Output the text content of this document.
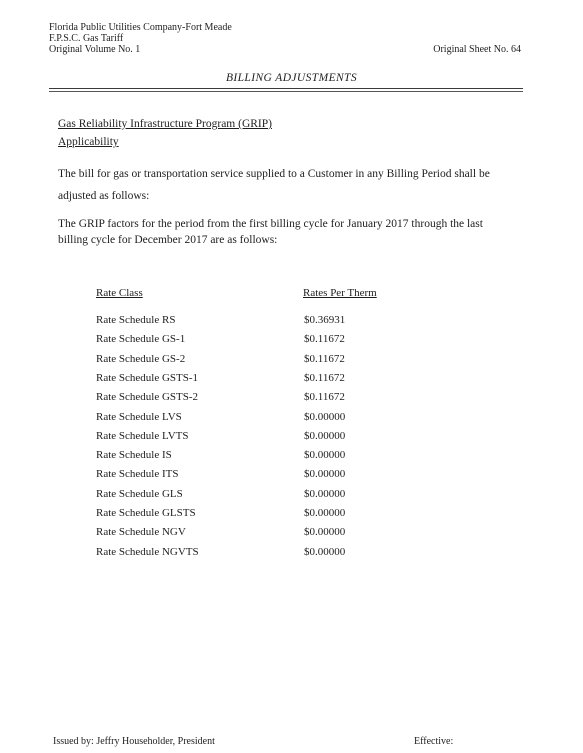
Florida Public Utilities Company-Fort Meade
F.P.S.C. Gas Tariff
Original Volume No. 1	Original Sheet No. 64
BILLING ADJUSTMENTS
Gas Reliability Infrastructure Program (GRIP)
Applicability
The bill for gas or transportation service supplied to a Customer in any Billing Period shall be
adjusted as follows:
The GRIP factors for the period from the first billing cycle for January 2017 through the last
billing cycle for December 2017 are as follows:
Rate Class	Rates Per Therm
Rate Schedule RS	$0.36931
Rate Schedule GS-1	$0.11672
Rate Schedule GS-2	$0.11672
Rate Schedule GSTS-1	$0.11672
Rate Schedule GSTS-2	$0.11672
Rate Schedule LVS	$0.00000
Rate Schedule LVTS	$0.00000
Rate Schedule IS	$0.00000
Rate Schedule ITS	$0.00000
Rate Schedule GLS	$0.00000
Rate Schedule GLSTS	$0.00000
Rate Schedule NGV	$0.00000
Rate Schedule NGVTS	$0.00000
Issued by: Jeffry Householder, President	Effective:
